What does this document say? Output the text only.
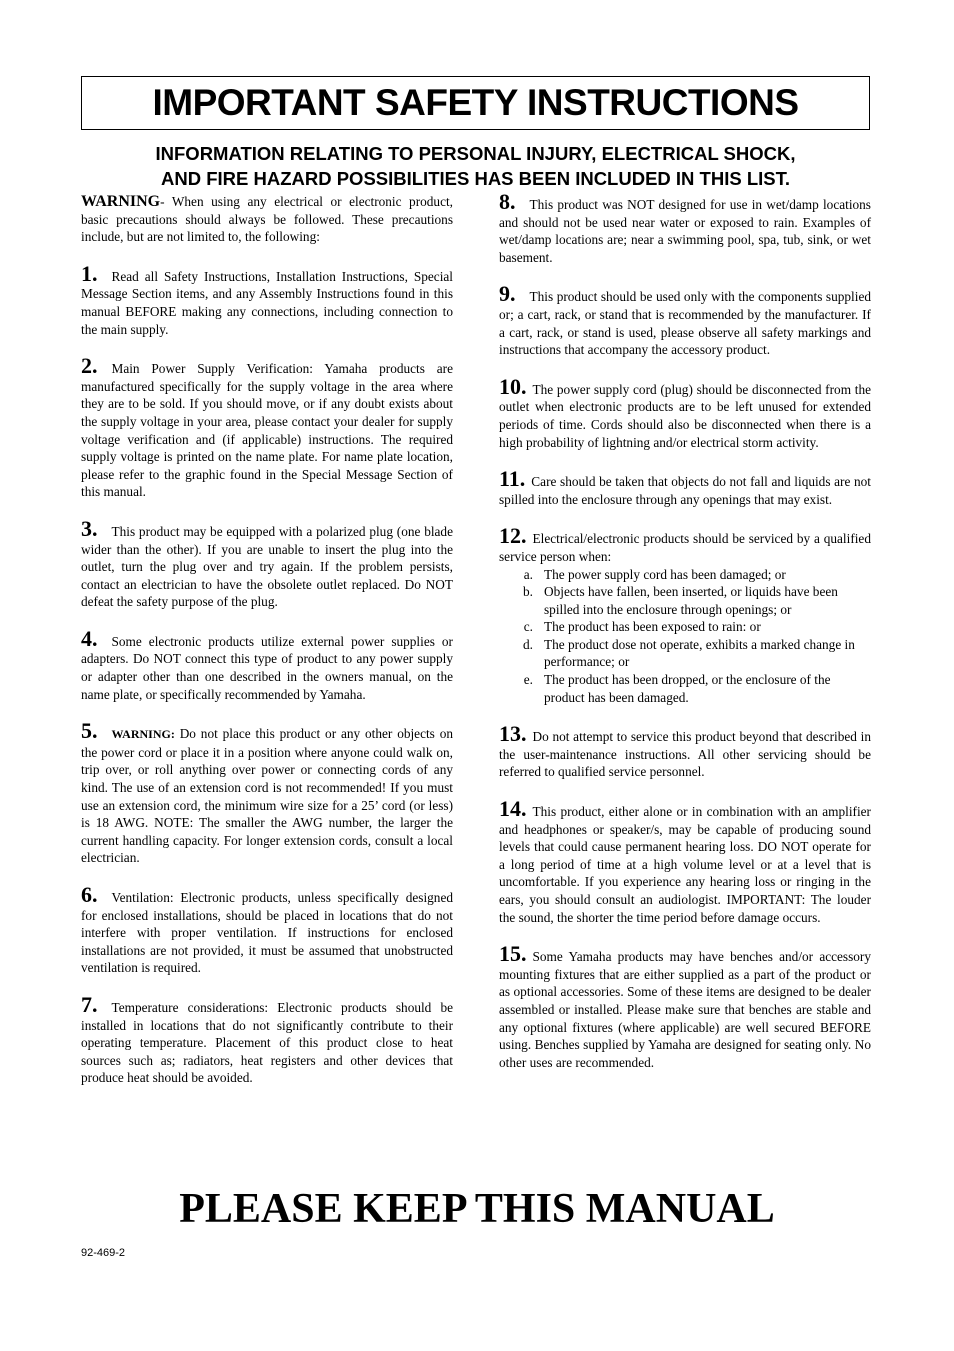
IMPORTANT SAFETY INSTRUCTIONS
INFORMATION RELATING TO PERSONAL INJURY, ELECTRICAL SHOCK,
AND FIRE HAZARD POSSIBILITIES HAS BEEN INCLUDED IN THIS LIST.

WARNING- When using any electrical or electronic product, basic precautions should always be followed. These precautions include, but are not limited to, the following:

1. Read all Safety Instructions, Installation Instructions, Special Message Section items, and any Assembly Instructions found in this manual BEFORE making any connections, including connection to the main supply.

2. Main Power Supply Verification: Yamaha products are manufactured specifically for the supply voltage in the area where they are to be sold. If you should move, or if any doubt exists about the supply voltage in your area, please contact your dealer for supply voltage verification and (if applicable) instructions. The required supply voltage is printed on the name plate. For name plate location, please refer to the graphic found in the Special Message Section of this manual.

3. This product may be equipped with a polarized plug (one blade wider than the other). If you are unable to insert the plug into the outlet, turn the plug over and try again. If the problem persists, contact an electrician to have the obsolete outlet replaced. Do NOT defeat the safety purpose of the plug.

4. Some electronic products utilize external power supplies or adapters. Do NOT connect this type of product to any power supply or adapter other than one described in the owners manual, on the name plate, or specifically recommended by Yamaha.

5. WARNING: Do not place this product or any other objects on the power cord or place it in a position where anyone could walk on, trip over, or roll anything over power or connecting cords of any kind. The use of an extension cord is not recommended! If you must use an extension cord, the minimum wire size for a 25’ cord (or less) is 18 AWG. NOTE: The smaller the AWG number, the larger the current handling capacity. For longer extension cords, consult a local electrician.

6. Ventilation: Electronic products, unless specifically designed for enclosed installations, should be placed in locations that do not interfere with proper ventilation. If instructions for enclosed installations are not provided, it must be assumed that unobstructed ventilation is required.

7. Temperature considerations: Electronic products should be installed in locations that do not significantly contribute to their operating temperature. Placement of this product close to heat sources such as; radiators, heat registers and other devices that produce heat should be avoided.

8. This product was NOT designed for use in wet/damp locations and should not be used near water or exposed to rain. Examples of wet/damp locations are; near a swimming pool, spa, tub, sink, or wet basement.

9. This product should be used only with the components supplied or; a cart, rack, or stand that is recommended by the manufacturer. If a cart, rack, or stand is used, please observe all safety markings and instructions that accompany the accessory product.

10. The power supply cord (plug) should be disconnected from the outlet when electronic products are to be left unused for extended periods of time. Cords should also be disconnected when there is a high probability of lightning and/or electrical storm activity.

11. Care should be taken that objects do not fall and liquids are not spilled into the enclosure through any openings that may exist.

12. Electrical/electronic products should be serviced by a qualified service person when:
a. The power supply cord has been damaged; or
b. Objects have fallen, been inserted, or liquids have been spilled into the enclosure through openings; or
c. The product has been exposed to rain: or
d. The product dose not operate, exhibits a marked change in performance; or
e. The product has been dropped, or the enclosure of the product has been damaged.

13. Do not attempt to service this product beyond that described in the user-maintenance instructions. All other servicing should be referred to qualified service personnel.

14. This product, either alone or in combination with an amplifier and headphones or speaker/s, may be capable of producing sound levels that could cause permanent hearing loss. DO NOT operate for a long period of time at a high volume level or at a level that is uncomfortable. If you experience any hearing loss or ringing in the ears, you should consult an audiologist. IMPORTANT: The louder the sound, the shorter the time period before damage occurs.

15. Some Yamaha products may have benches and/or accessory mounting fixtures that are either supplied as a part of the product or as optional accessories. Some of these items are designed to be dealer assembled or installed. Please make sure that benches are stable and any optional fixtures (where applicable) are well secured BEFORE using. Benches supplied by Yamaha are designed for seating only. No other uses are recommended.

PLEASE KEEP THIS MANUAL
92-469-2
